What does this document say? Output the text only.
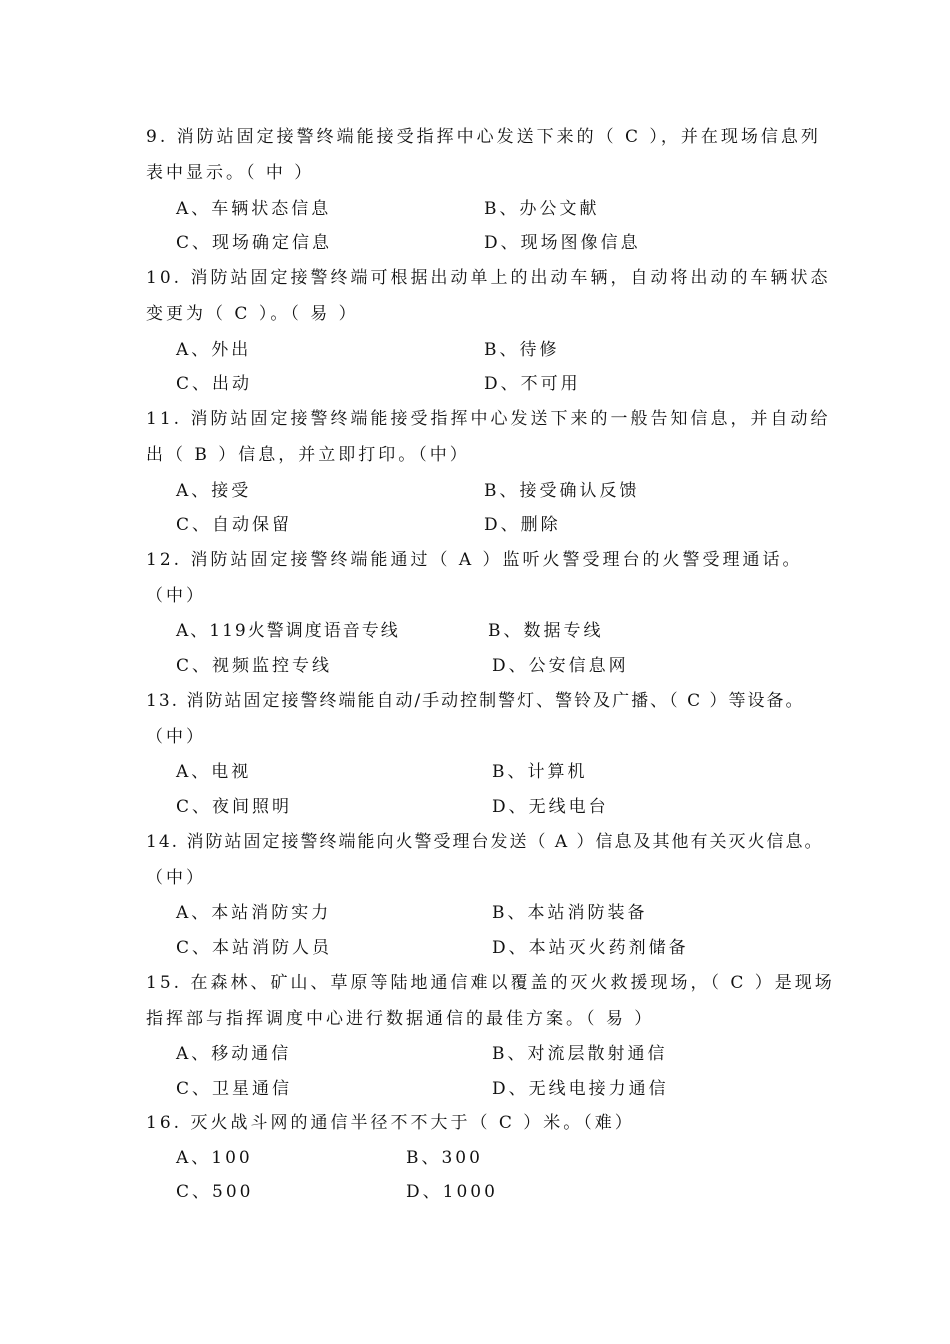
9. 消防站固定接警终端能接受指挥中心发送下来的（ C ），并在现场信息列
表中显示。（ 中 ）
A、车辆状态信息	B、办公文献
C、现场确定信息	D、现场图像信息
10. 消防站固定接警终端可根据出动单上的出动车辆，自动将出动的车辆状态
变更为（ C ）。（ 易 ）
A、外出	B、待修
C、出动	D、不可用
11. 消防站固定接警终端能接受指挥中心发送下来的一般告知信息，并自动给
出（ B ）信息，并立即打印。（中）
A、接受	B、接受确认反馈
C、自动保留	D、删除
12. 消防站固定接警终端能通过（ A ）监听火警受理台的火警受理通话。
（中）
A、119火警调度语音专线	B、数据专线
C、视频监控专线	D、公安信息网
13. 消防站固定接警终端能自动/手动控制警灯、警铃及广播、（ C ）等设备。
（中）
A、电视	B、计算机
C、夜间照明	D、无线电台
14. 消防站固定接警终端能向火警受理台发送（ A ）信息及其他有关灭火信息。
（中）
A、本站消防实力	B、本站消防装备
C、本站消防人员	D、本站灭火药剂储备
15. 在森林、矿山、草原等陆地通信难以覆盖的灭火救援现场，（ C ）是现场
指挥部与指挥调度中心进行数据通信的最佳方案。（ 易 ）
A、移动通信	B、对流层散射通信
C、卫星通信	D、无线电接力通信
16. 灭火战斗网的通信半径不不大于（ C ）米。（难）
A、100	B、300
C、500	D、1000
